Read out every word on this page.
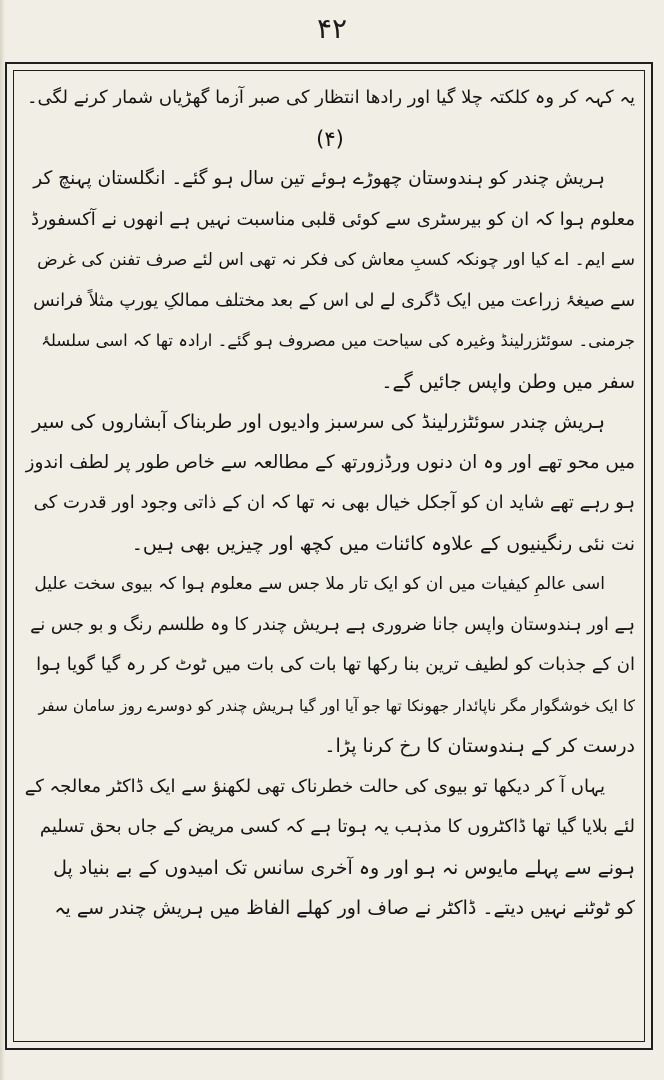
۴۲
یہ کہہ کر وہ کلکتہ چلا گیا اور رادھا انتظار کی صبر آزما گھڑیاں شمار کرنے لگی۔
(۴)
ہریش چندر کو ہندوستان چھوڑے ہوئے تین سال ہو گئے۔ انگلستان پہنچ کر
معلوم ہوا کہ ان کو بیرسٹری سے کوئی قلبی مناسبت نہیں ہے انھوں نے آکسفورڈ
سے ایم۔ اے کیا اور چونکہ کسبِ معاش کی فکر نہ تھی اس لئے صرف تفنن کی غرض
سے صیغۂ زراعت میں ایک ڈگری لے لی اس کے بعد مختلف ممالکِ یورپ مثلاً فرانس
جرمنی۔ سوئٹزرلینڈ وغیرہ کی سیاحت میں مصروف ہو گئے۔ ارادہ تھا کہ اسی سلسلۂ
سفر میں وطن واپس جائیں گے۔
ہریش چندر سوئٹزرلینڈ کی سرسبز وادیوں اور طربناک آبشاروں کی سیر
میں محو تھے اور وہ ان دنوں ورڈزورتھ کے مطالعہ سے خاص طور پر لطف اندوز
ہو رہے تھے شاید ان کو آجکل خیال بھی نہ تھا کہ ان کے ذاتی وجود اور قدرت کی
نت نئی رنگینیوں کے علاوہ کائنات میں کچھ اور چیزیں بھی ہیں۔
اسی عالمِ کیفیات میں ان کو ایک تار ملا جس سے معلوم ہوا کہ بیوی سخت علیل
ہے اور ہندوستان واپس جانا ضروری ہے ہریش چندر کا وہ طلسم رنگ و بو جس نے
ان کے جذبات کو لطیف ترین بنا رکھا تھا بات کی بات میں ٹوٹ کر رہ گیا گویا ہوا
کا ایک خوشگوار مگر ناپائدار جھونکا تھا جو آیا اور گیا ہریش چندر کو دوسرے روز سامان سفر
درست کر کے ہندوستان کا رخ کرنا پڑا۔
یہاں آ کر دیکھا تو بیوی کی حالت خطرناک تھی لکھنؤ سے ایک ڈاکٹر معالجہ کے
لئے بلایا گیا تھا ڈاکٹروں کا مذہب یہ ہوتا ہے کہ کسی مریض کے جاں بحق تسلیم
ہونے سے پہلے مایوس نہ ہو اور وہ آخری سانس تک امیدوں کے بے بنیاد پل
کو ٹوٹنے نہیں دیتے۔ ڈاکٹر نے صاف اور کھلے الفاظ میں ہریش چندر سے یہ
